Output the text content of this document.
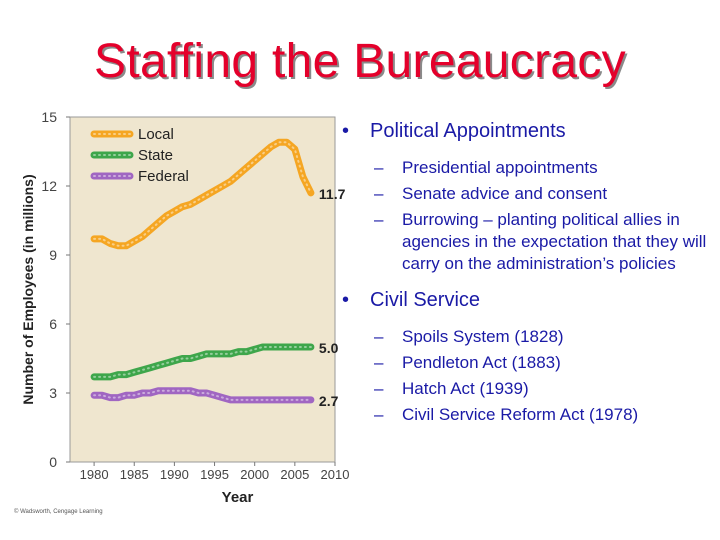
Staffing the Bureaucracy
0
3
6
9
12
15
1980 1985 1990 1995 2000 2005 2010
Year
Number of Employees (in millions)	11.7
5.0
2.7
Local
State
Federal
• Political Appointments
– Presidential appointments
– Senate advice and consent
– Burrowing – planting political allies in agencies in the expectation that they will carry on the administration’s policies
• Civil Service
– Spoils System (1828)
– Pendleton Act (1883)
– Hatch Act (1939)
– Civil Service Reform Act (1978)
© Wadsworth, Cengage Learning
